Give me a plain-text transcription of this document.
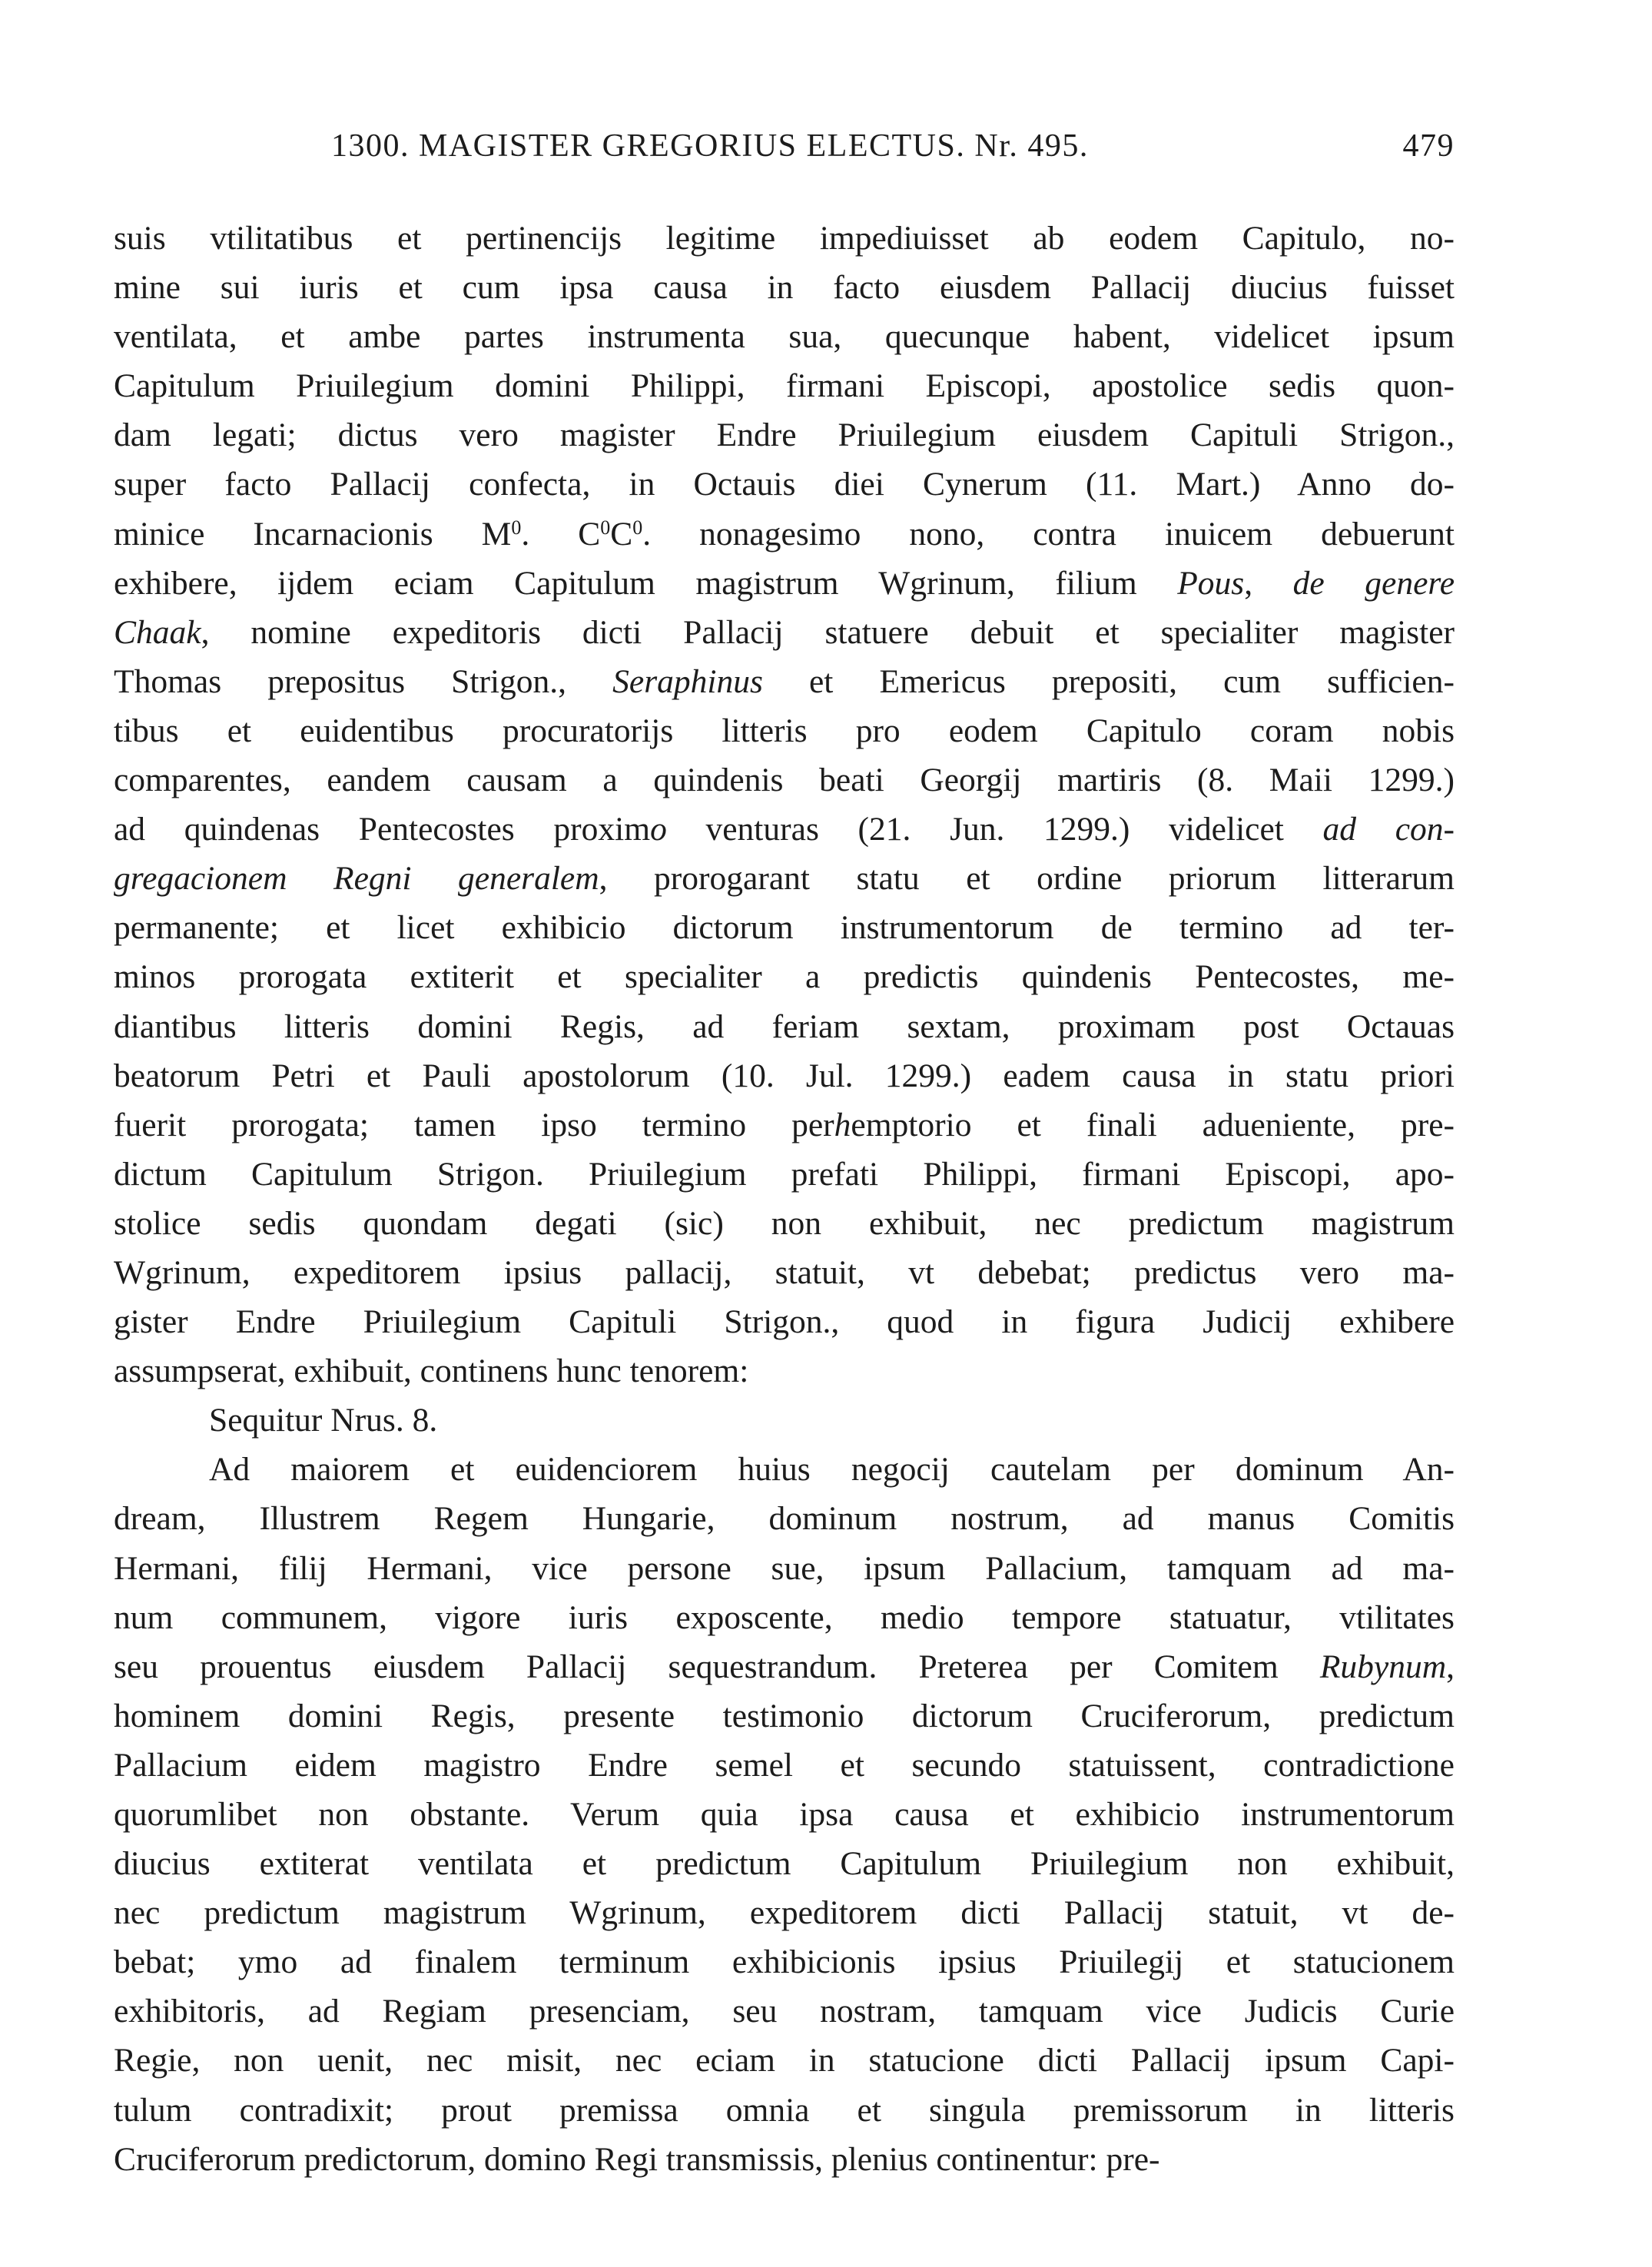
1300. MAGISTER GREGORIUS ELECTUS. Nr. 495.	479
suis vtilitatibus et pertinencijs legitime impediuisset ab eodem Capitulo, no-
mine sui iuris et cum ipsa causa in facto eiusdem Pallacij diucius fuisset
ventilata, et ambe partes instrumenta sua, quecunque habent, videlicet ipsum
Capitulum Priuilegium domini Philippi, firmani Episcopi, apostolice sedis quon-
dam legati; dictus vero magister Endre Priuilegium eiusdem Capituli Strigon.,
super facto Pallacij confecta, in Octauis diei Cynerum (11. Mart.) Anno do-
minice Incarnacionis $M^0$. $C^0C^0$. nonagesimo nono, contra inuicem debuerunt
exhibere, ijdem eciam Capitulum magistrum Wgrinum, filium Pous, de genere
Chaak, nomine expeditoris dicti Pallacij statuere debuit et specialiter magister
Thomas prepositus Strigon., Seraphinus et Emericus prepositi, cum sufficien-
tibus et euidentibus procuratorijs litteris pro eodem Capitulo coram nobis
comparentes, eandem causam a quindenis beati Georgij martiris (8. Maii 1299.)
ad quindenas Pentecostes proximo venturas (21. Jun. 1299.) videlicet ad con-
gregacionem Regni generalem, prorogarant statu et ordine priorum litterarum
permanente; et licet exhibicio dictorum instrumentorum de termino ad ter-
minos prorogata extiterit et specialiter a predictis quindenis Pentecostes, me-
diantibus litteris domini Regis, ad feriam sextam, proximam post Octauas
beatorum Petri et Pauli apostolorum (10. Jul. 1299.) eadem causa in statu priori
fuerit prorogata; tamen ipso termino perhemptorio et finali adueniente, pre-
dictum Capitulum Strigon. Priuilegium prefati Philippi, firmani Episcopi, apo-
stolice sedis quondam degati (sic) non exhibuit, nec predictum magistrum
Wgrinum, expeditorem ipsius pallacij, statuit, vt debebat; predictus vero ma-
gister Endre Priuilegium Capituli Strigon., quod in figura Judicij exhibere
assumpserat, exhibuit, continens hunc tenorem:
Sequitur Nrus. 8.
Ad maiorem et euidenciorem huius negocij cautelam per dominum An-
dream, Illustrem Regem Hungarie, dominum nostrum, ad manus Comitis
Hermani, filij Hermani, vice persone sue, ipsum Pallacium, tamquam ad ma-
num communem, vigore iuris exposcente, medio tempore statuatur, vtilitates
seu prouentus eiusdem Pallacij sequestrandum. Preterea per Comitem Rubynum,
hominem domini Regis, presente testimonio dictorum Cruciferorum, predictum
Pallacium eidem magistro Endre semel et secundo statuissent, contradictione
quorumlibet non obstante. Verum quia ipsa causa et exhibicio instrumentorum
diucius extiterat ventilata et predictum Capitulum Priuilegium non exhibuit,
nec predictum magistrum Wgrinum, expeditorem dicti Pallacij statuit, vt de-
bebat; ymo ad finalem terminum exhibicionis ipsius Priuilegij et statucionem
exhibitoris, ad Regiam presenciam, seu nostram, tamquam vice Judicis Curie
Regie, non uenit, nec misit, nec eciam in statucione dicti Pallacij ipsum Capi-
tulum contradixit; prout premissa omnia et singula premissorum in litteris
Cruciferorum predictorum, domino Regi transmissis, plenius continentur: pre-
